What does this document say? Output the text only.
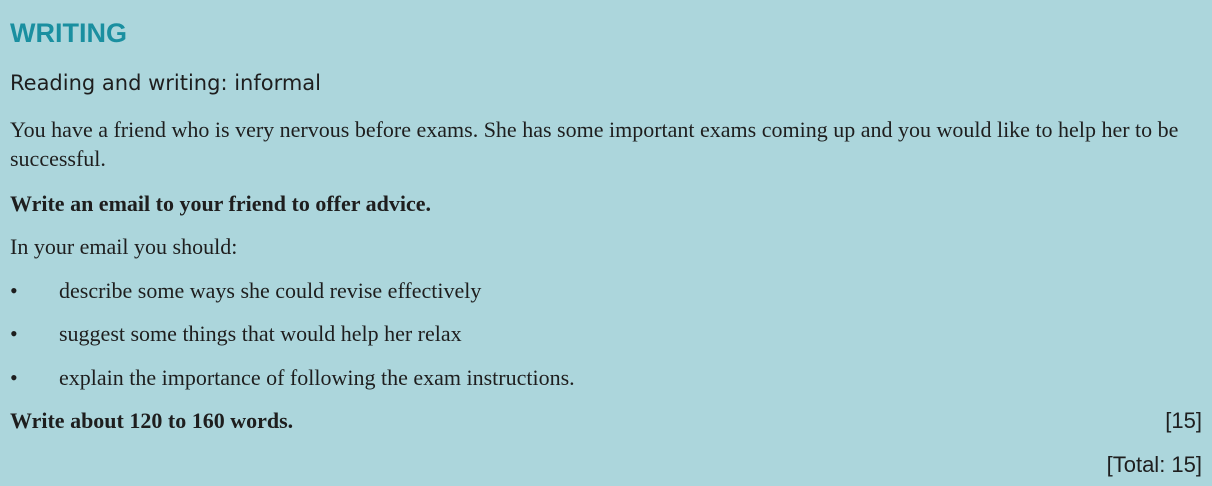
WRITING
Reading and writing: informal
You have a friend who is very nervous before exams. She has some important exams coming up and you would like to help her to be successful.
Write an email to your friend to offer advice.
In your email you should:
• describe some ways she could revise effectively
• suggest some things that would help her relax
• explain the importance of following the exam instructions.
Write about 120 to 160 words.	[15]
[Total: 15]
